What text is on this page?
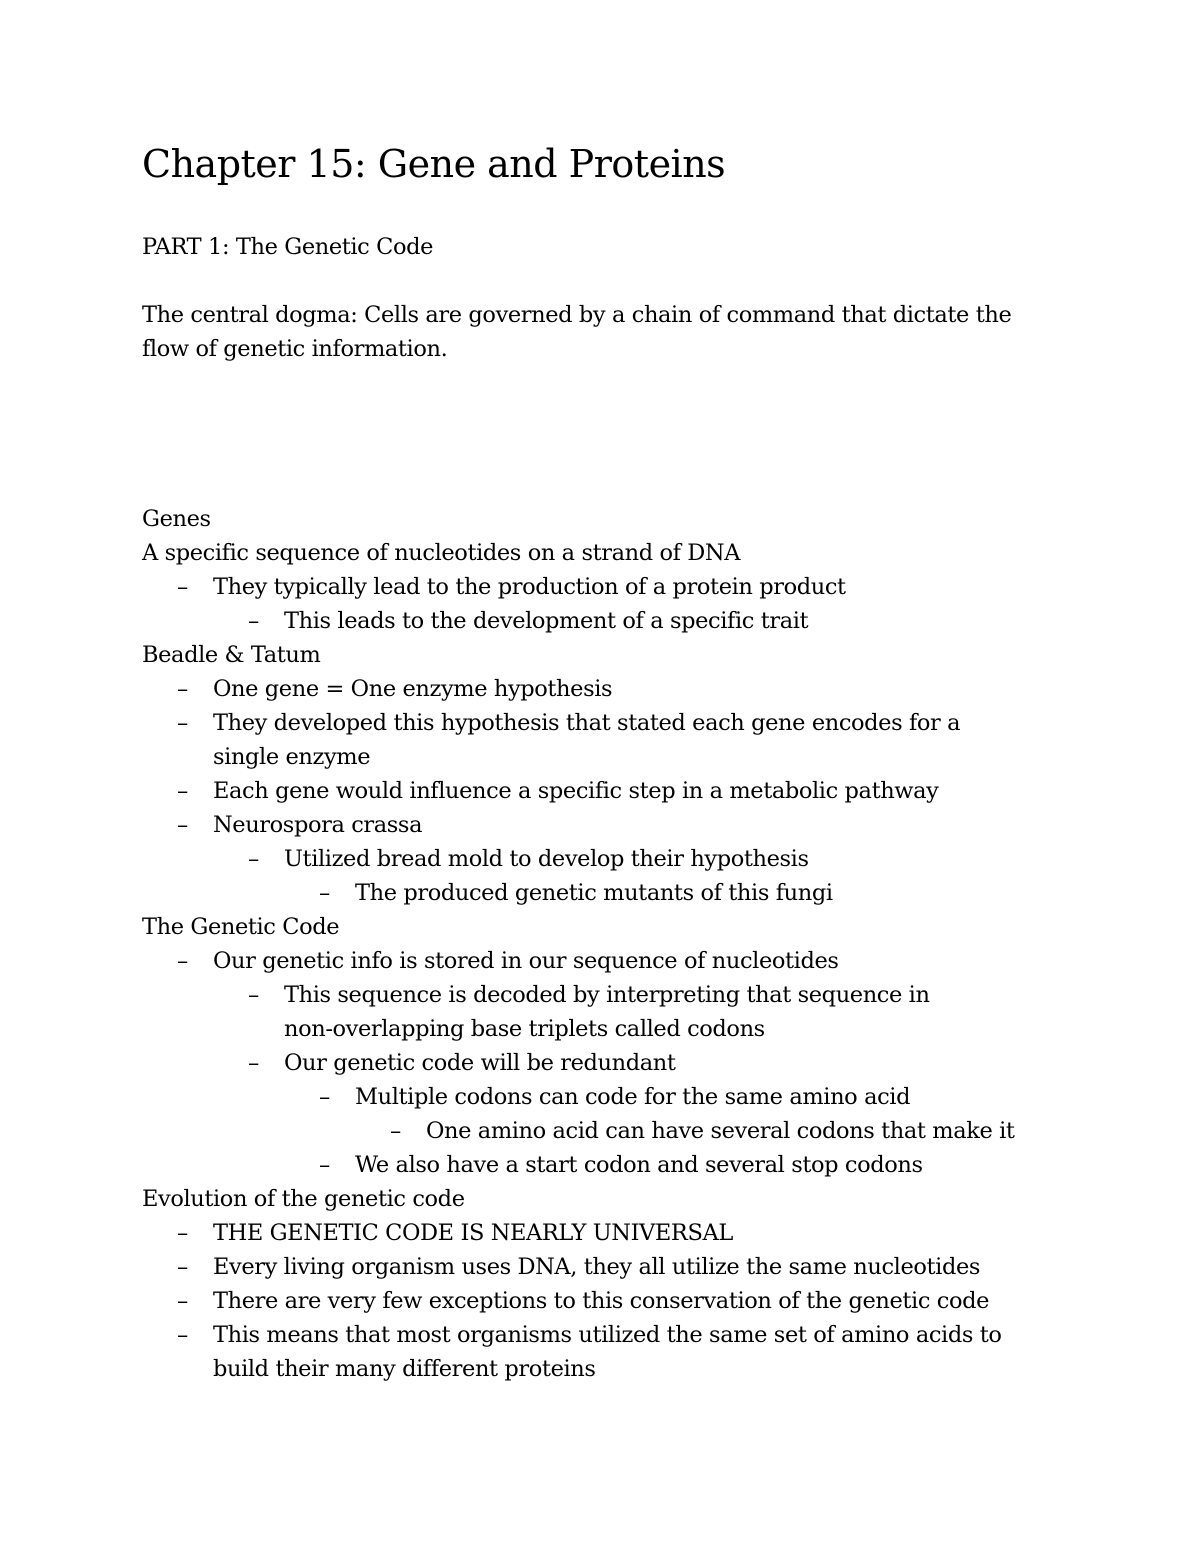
Chapter 15: Gene and Proteins
PART 1: The Genetic Code
The central dogma: Cells are governed by a chain of command that dictate the
flow of genetic information.
Genes
A specific sequence of nucleotides on a strand of DNA
–	They typically lead to the production of a protein product
–	This leads to the development of a specific trait
Beadle & Tatum
–	One gene = One enzyme hypothesis
–	They developed this hypothesis that stated each gene encodes for a
single enzyme
–	Each gene would influence a specific step in a metabolic pathway
–	Neurospora crassa
–	Utilized bread mold to develop their hypothesis
–	The produced genetic mutants of this fungi
The Genetic Code
–	Our genetic info is stored in our sequence of nucleotides
–	This sequence is decoded by interpreting that sequence in
non-overlapping base triplets called codons
–	Our genetic code will be redundant
–	Multiple codons can code for the same amino acid
–	One amino acid can have several codons that make it
–	We also have a start codon and several stop codons
Evolution of the genetic code
–	THE GENETIC CODE IS NEARLY UNIVERSAL
–	Every living organism uses DNA, they all utilize the same nucleotides
–	There are very few exceptions to this conservation of the genetic code
–	This means that most organisms utilized the same set of amino acids to
build their many different proteins
